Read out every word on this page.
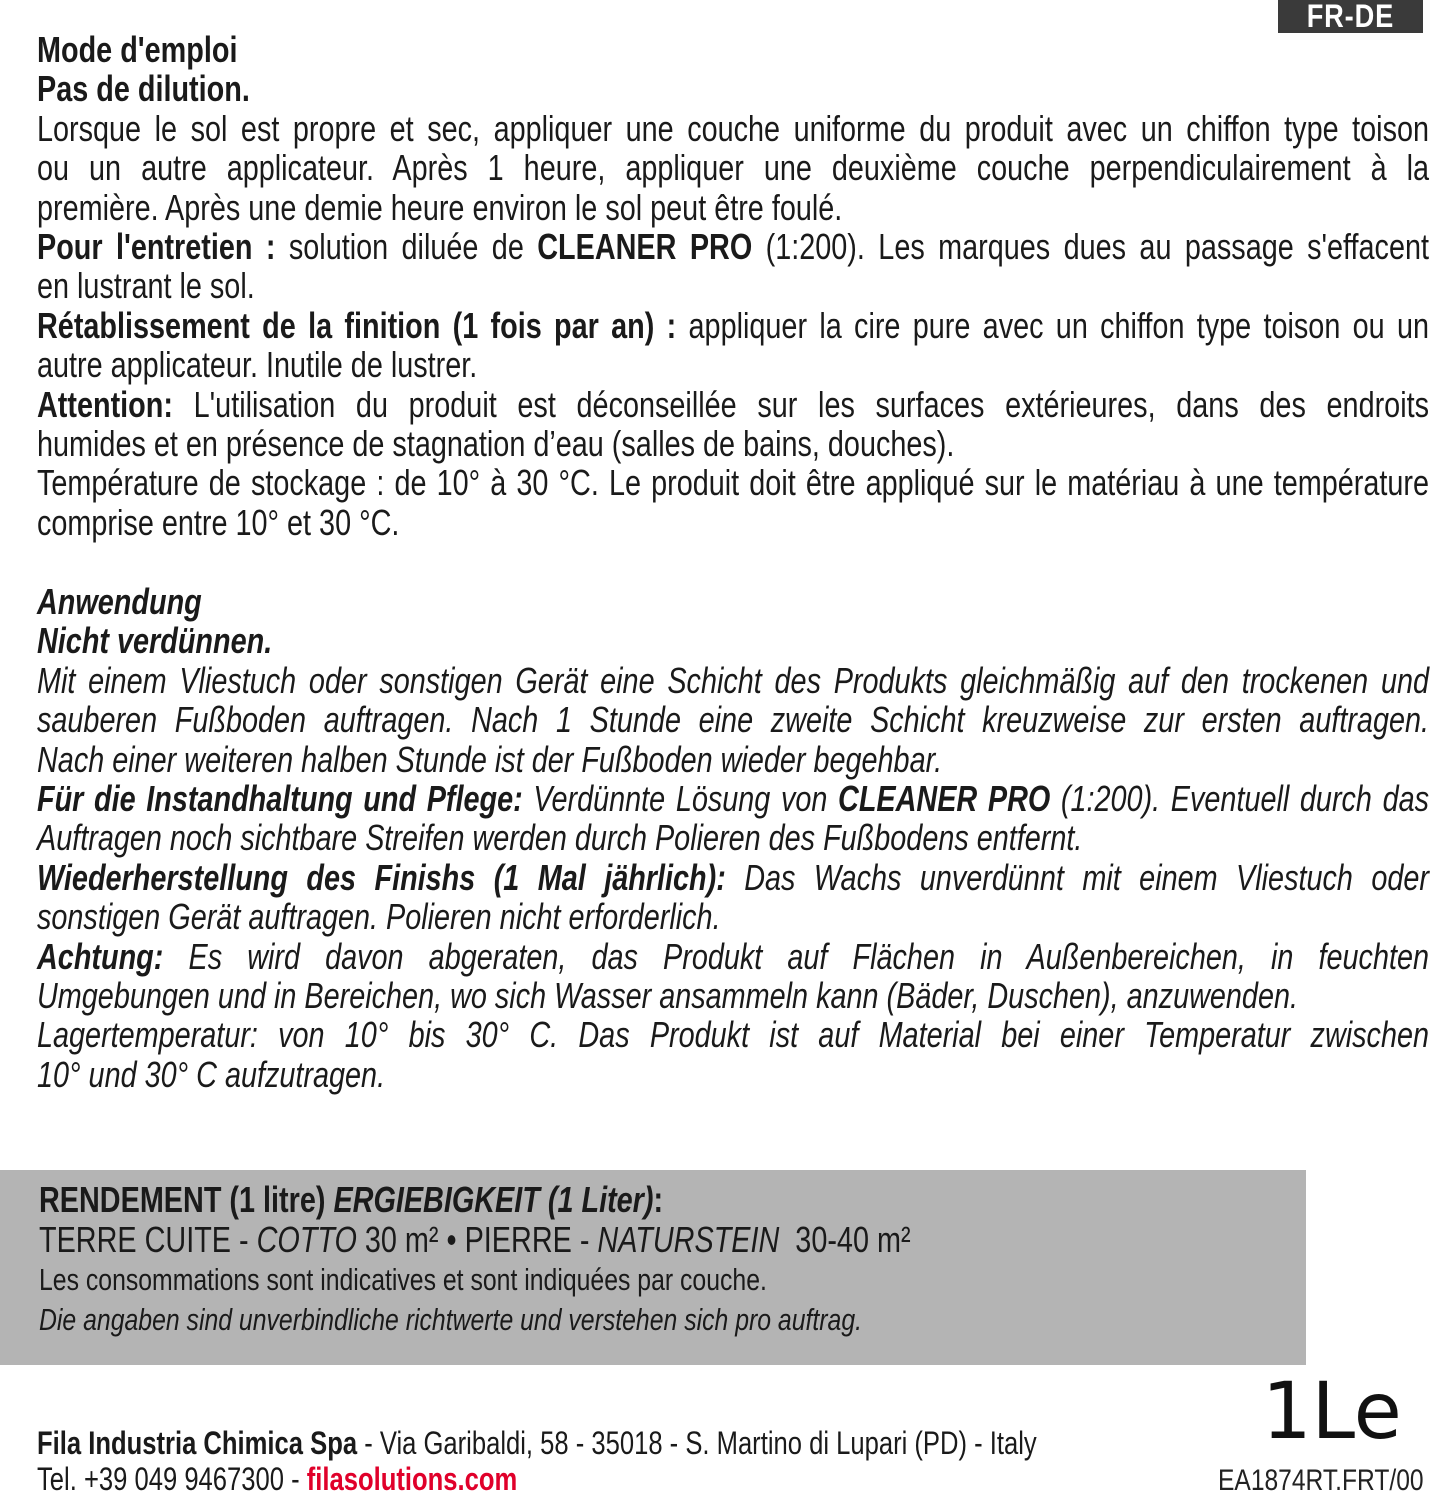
FR-DE

Mode d'emploi

Pas de dilution.

Lorsque le sol est propre et sec, appliquer une couche uniforme du produit avec un chiffon type toison

ou un autre applicateur. Après 1 heure, appliquer une deuxième couche perpendiculairement à la

première. Après une demie heure environ le sol peut être foulé.

Pour l'entretien : solution diluée de CLEANER PRO (1:200). Les marques dues au passage s'effacent

en lustrant le sol.

Rétablissement de la finition (1 fois par an) : appliquer la cire pure avec un chiffon type toison ou un

autre applicateur. Inutile de lustrer.

Attention: L'utilisation du produit est déconseillée sur les surfaces extérieures, dans des endroits

humides et en présence de stagnation d’eau (salles de bains, douches).

Température de stockage : de 10° à 30 °C. Le produit doit être appliqué sur le matériau à une température

comprise entre 10° et 30 °C.

Anwendung

Nicht verdünnen.

Mit einem Vliestuch oder sonstigen Gerät eine Schicht des Produkts gleichmäßig auf den trockenen und

sauberen Fußboden auftragen. Nach 1 Stunde eine zweite Schicht kreuzweise zur ersten auftragen.

Nach einer weiteren halben Stunde ist der Fußboden wieder begehbar.

Für die Instandhaltung und Pflege: Verdünnte Lösung von CLEANER PRO (1:200). Eventuell durch das

Auftragen noch sichtbare Streifen werden durch Polieren des Fußbodens entfernt.

Wiederherstellung des Finishs (1 Mal jährlich): Das Wachs unverdünnt mit einem Vliestuch oder

sonstigen Gerät auftragen. Polieren nicht erforderlich.

Achtung: Es wird davon abgeraten, das Produkt auf Flächen in Außenbereichen, in feuchten

Umgebungen und in Bereichen, wo sich Wasser ansammeln kann (Bäder, Duschen), anzuwenden.

Lagertemperatur: von 10° bis 30° C. Das Produkt ist auf Material bei einer Temperatur zwischen

10° und 30° C aufzutragen.

RENDEMENT (1 litre) ERGIEBIGKEIT (1 Liter):
TERRE CUITE - COTTO 30 m² • PIERRE - NATURSTEIN  30-40 m²
Les consommations sont indicatives et sont indiquées par couche.
Die angaben sind unverbindliche richtwerte und verstehen sich pro auftrag.
Fila Industria Chimica Spa - Via Garibaldi, 58 - 35018 - S. Martino di Lupari (PD) - Italy
Tel. +39 049 9467300 - filasolutions.com
1Le
EA1874RT.FRT/00
